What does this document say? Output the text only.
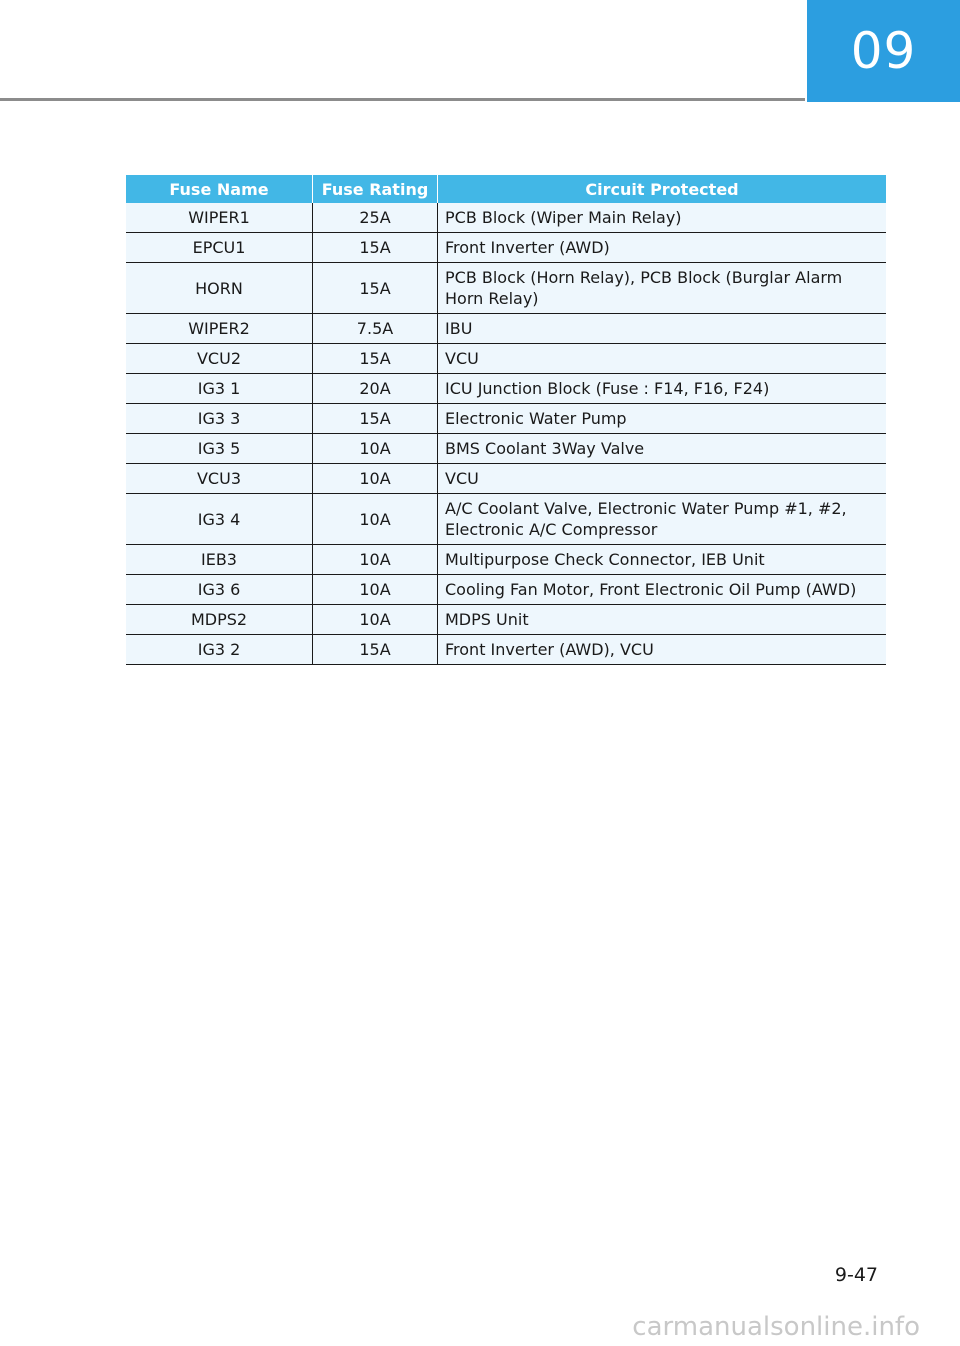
09
Fuse Name	Fuse Rating	Circuit Protected
WIPER1	25A	PCB Block (Wiper Main Relay)
EPCU1	15A	Front Inverter (AWD)
HORN	15A	PCB Block (Horn Relay), PCB Block (Burglar Alarm Horn Relay)
WIPER2	7.5A	IBU
VCU2	15A	VCU
IG3 1	20A	ICU Junction Block (Fuse : F14, F16, F24)
IG3 3	15A	Electronic Water Pump
IG3 5	10A	BMS Coolant 3Way Valve
VCU3	10A	VCU
IG3 4	10A	A/C Coolant Valve, Electronic Water Pump #1, #2, Electronic A/C Compressor
IEB3	10A	Multipurpose Check Connector, IEB Unit
IG3 6	10A	Cooling Fan Motor, Front Electronic Oil Pump (AWD)
MDPS2	10A	MDPS Unit
IG3 2	15A	Front Inverter (AWD), VCU
9-47
carmanualsonline.info
